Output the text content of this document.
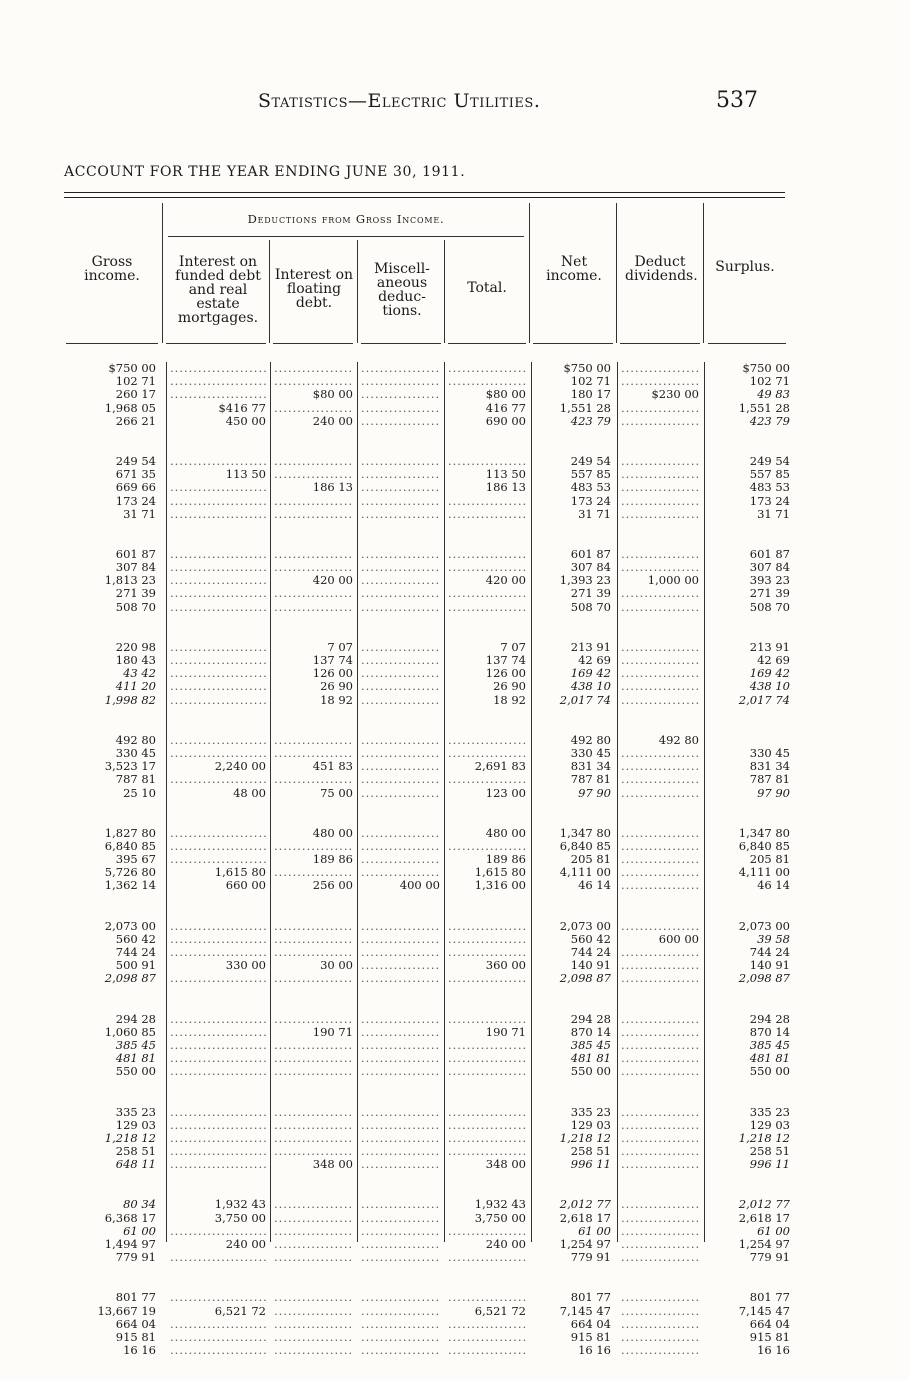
Statistics—Electric Utilities.	537
ACCOUNT FOR THE YEAR ENDING JUNE 30, 1911.
Deductions from Gross Income.
Gross income.
Interest on funded debt and real estate mortgages.
Interest on floating debt.
Miscell-aneous deduc-tions.
Total.
Net income.
Deduct dividends.
Surplus.
$750 00
102 71
260 17
1,968 05
266 21
249 54
671 35
669 66
173 24
31 71
601 87
307 84
1,813 23
271 39
508 70
220 98
180 43
43 42
411 20
1,998 82
492 80
330 45
3,523 17
787 81
25 10
1,827 80
6,840 85
395 67
5,726 80
1,362 14
2,073 00
560 42
744 24
500 91
2,098 87
294 28
1,060 85
385 45
481 81
550 00
335 23
129 03
1,218 12
258 51
648 11
80 34
6,368 17
61 00
1,494 97
779 91
801 77
13,667 19
664 04
915 81
16 16
.....
.....
.....
$416 77
450 00
.....
113 50
.....
.....
.....
.....
.....
.....
.....
.....
.....
.....
.....
.....
.....
.....
.....
2,240 00
.....
48 00
.....
.....
.....
1,615 80
660 00
.....
.....
.....
330 00
.....
.....
.....
.....
.....
.....
.....
.....
.....
.....
.....
1,932 43
3,750 00
.....
240 00
.....
.....
6,521 72
.....
.....
.....
.....
.....
$80 00
.....
240 00
.....
.....
186 13
.....
.....
.....
.....
420 00
.....
.....
7 07
137 74
126 00
26 90
18 92
.....
.....
451 83
.....
75 00
480 00
.....
189 86
.....
256 00
.....
.....
.....
30 00
.....
.....
190 71
.....
.....
.....
.....
.....
.....
.....
348 00
.....
.....
.....
.....
.....
.....
.....
.....
.....
.....
.....
.....
.....
.....
.....
.....
.....
.....
.....
.....
.....
.....
.....
.....
.....
.....
.....
.....
.....
.....
.....
.....
.....
.....
.....
.....
.....
.....
.....
400 00
.....
.....
.....
.....
.....
.....
.....
.....
.....
.....
.....
.....
.....
.....
.....
.....
.....
.....
.....
.....
.....
.....
.....
.....
.....
.....
.....
$80 00
416 77
690 00
.....
113 50
186 13
.....
.....
.....
.....
420 00
.....
.....
7 07
137 74
126 00
26 90
18 92
.....
.....
2,691 83
.....
123 00
480 00
.....
189 86
1,615 80
1,316 00
.....
.....
.....
360 00
.....
.....
190 71
.....
.....
.....
.....
.....
.....
.....
348 00
1,932 43
3,750 00
.....
240 00
.....
.....
6,521 72
.....
.....
.....
$750 00
102 71
180 17
1,551 28
423 79
249 54
557 85
483 53
173 24
31 71
601 87
307 84
1,393 23
271 39
508 70
213 91
42 69
169 42
438 10
2,017 74
492 80
330 45
831 34
787 81
97 90
1,347 80
6,840 85
205 81
4,111 00
46 14
2,073 00
560 42
744 24
140 91
2,098 87
294 28
870 14
385 45
481 81
550 00
335 23
129 03
1,218 12
258 51
996 11
2,012 77
2,618 17
61 00
1,254 97
779 91
801 77
7,145 47
664 04
915 81
16 16
.....
.....
$230 00
.....
.....
.....
.....
.....
.....
.....
.....
.....
1,000 00
.....
.....
.....
.....
.....
.....
.....
492 80
.....
.....
.....
.....
.....
.....
.....
.....
.....
.....
600 00
.....
.....
.....
.....
.....
.....
.....
.....
.....
.....
.....
.....
.....
.....
.....
.....
.....
.....
.....
.....
.....
.....
.....
$750 00
102 71
49 83
1,551 28
423 79
249 54
557 85
483 53
173 24
31 71
601 87
307 84
393 23
271 39
508 70
213 91
42 69
169 42
438 10
2,017 74
330 45
831 34
787 81
97 90
1,347 80
6,840 85
205 81
4,111 00
46 14
2,073 00
39 58
744 24
140 91
2,098 87
294 28
870 14
385 45
481 81
550 00
335 23
129 03
1,218 12
258 51
996 11
2,012 77
2,618 17
61 00
1,254 97
779 91
801 77
7,145 47
664 04
915 81
16 16
